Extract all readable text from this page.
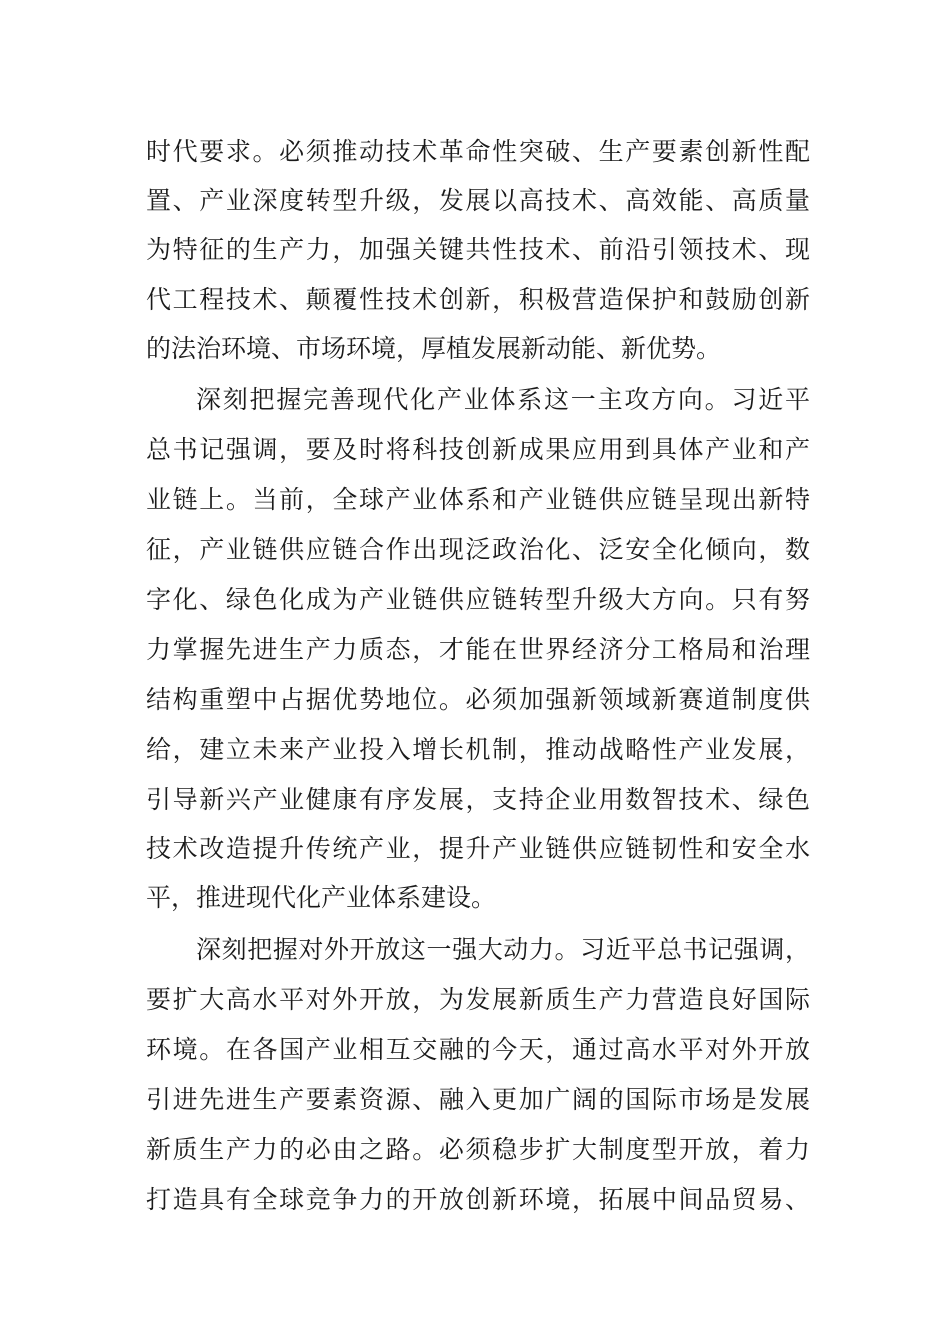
时代要求。必须推动技术革命性突破、生产要素创新性配
置、产业深度转型升级，发展以高技术、高效能、高质量
为特征的生产力，加强关键共性技术、前沿引领技术、现
代工程技术、颠覆性技术创新，积极营造保护和鼓励创新
的法治环境、市场环境，厚植发展新动能、新优势。
深刻把握完善现代化产业体系这一主攻方向。习近平
总书记强调，要及时将科技创新成果应用到具体产业和产
业链上。当前，全球产业体系和产业链供应链呈现出新特
征，产业链供应链合作出现泛政治化、泛安全化倾向，数
字化、绿色化成为产业链供应链转型升级大方向。只有努
力掌握先进生产力质态，才能在世界经济分工格局和治理
结构重塑中占据优势地位。必须加强新领域新赛道制度供
给，建立未来产业投入增长机制，推动战略性产业发展，
引导新兴产业健康有序发展，支持企业用数智技术、绿色
技术改造提升传统产业，提升产业链供应链韧性和安全水
平，推进现代化产业体系建设。
深刻把握对外开放这一强大动力。习近平总书记强调，
要扩大高水平对外开放，为发展新质生产力营造良好国际
环境。在各国产业相互交融的今天，通过高水平对外开放
引进先进生产要素资源、融入更加广阔的国际市场是发展
新质生产力的必由之路。必须稳步扩大制度型开放，着力
打造具有全球竞争力的开放创新环境，拓展中间品贸易、
